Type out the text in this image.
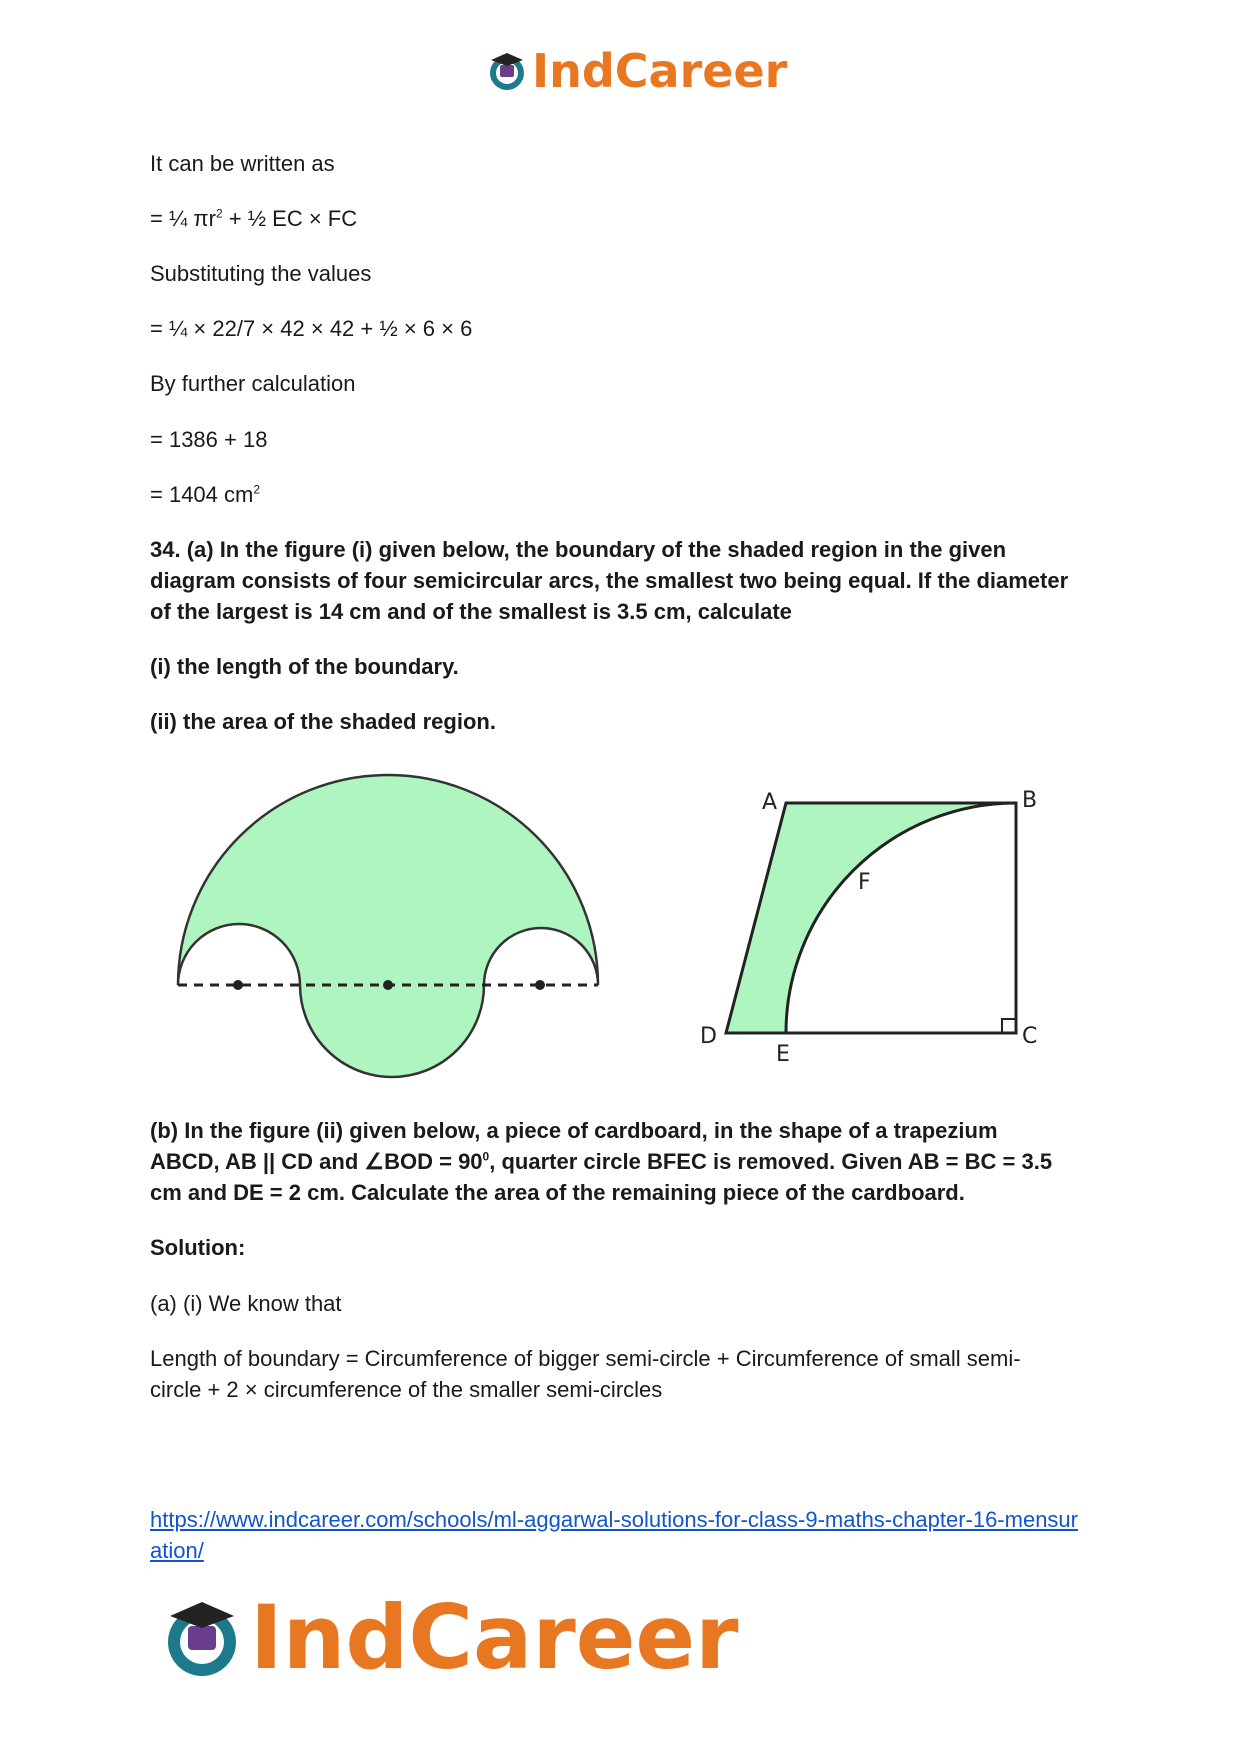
IndCareer

It can be written as

= ¼ $\pi r^2$ + ½ EC × FC

Substituting the values

= ¼ × 22/7 × 42 × 42 + ½ × 6 × 6

By further calculation

= 1386 + 18

= 1404 $cm^2$

34. (a) In the figure (i) given below, the boundary of the shaded region in the given diagram consists of four semicircular arcs, the smallest two being equal. If the diameter of the largest is 14 cm and of the smallest is 3.5 cm, calculate

(i) the length of the boundary.

(ii) the area of the shaded region.

(b) In the figure (ii) given below, a piece of cardboard, in the shape of a trapezium ABCD, AB || CD and ∠BOD = $90^0$, quarter circle BFEC is removed. Given AB = BC = 3.5 cm and DE = 2 cm. Calculate the area of the remaining piece of the cardboard.

Solution:

(a) (i) We know that

Length of boundary = Circumference of bigger semi-circle + Circumference of small semi-circle + 2 × circumference of the smaller semi-circles

A	B
F
D
E
C
https://www.indcareer.com/schools/ml-aggarwal-solutions-for-class-9-maths-chapter-16-mensuration/
IndCareer
